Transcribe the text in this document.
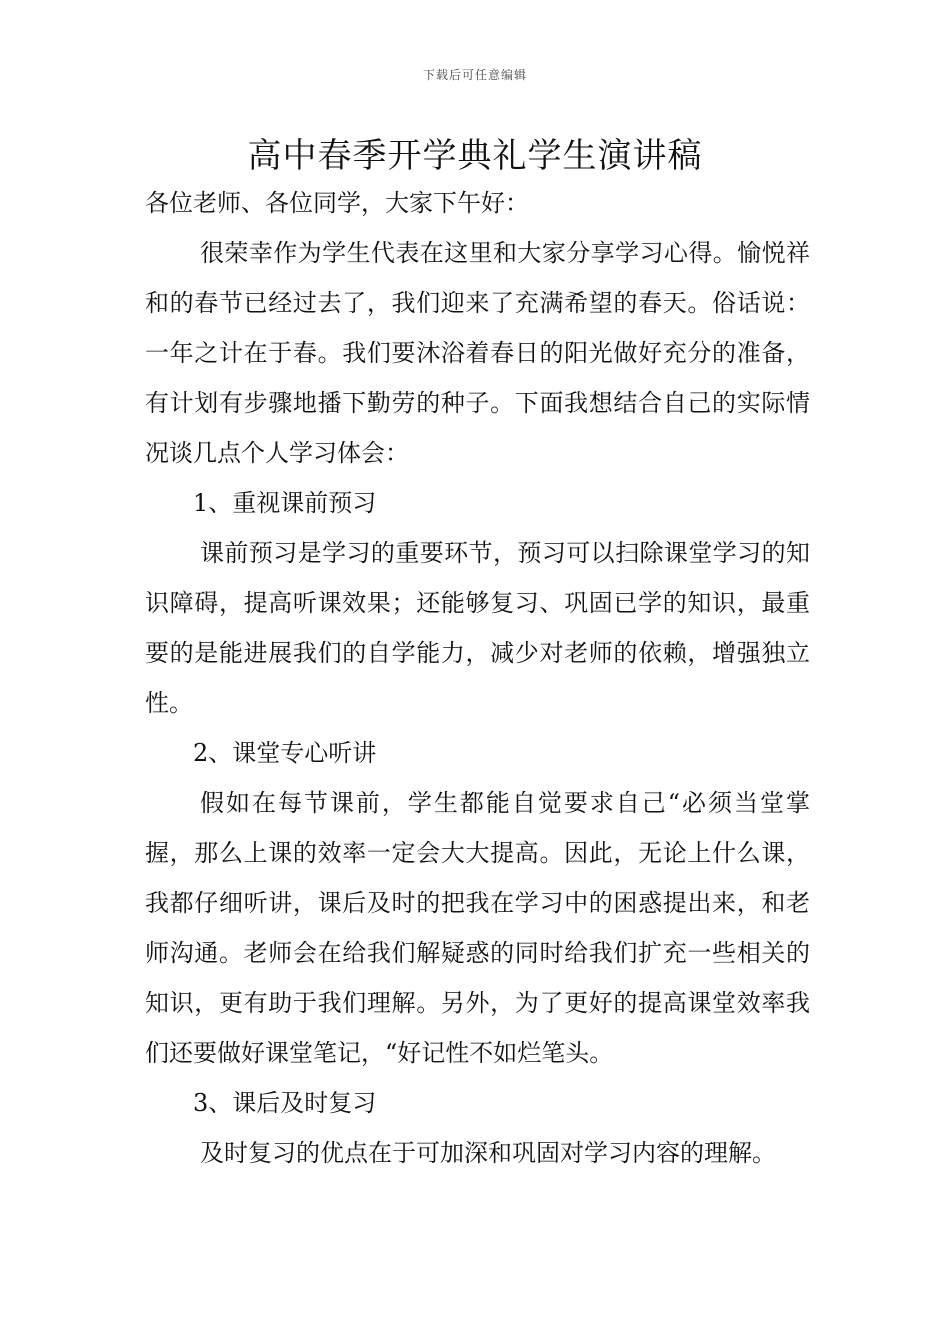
下载后可任意编辑
高中春季开学典礼学生演讲稿

各位老师、各位同学，大家下午好：

很荣幸作为学生代表在这里和大家分享学习心得。愉悦祥和的春节已经过去了，我们迎来了充满希望的春天。俗话说：一年之计在于春。我们要沐浴着春日的阳光做好充分的准备，有计划有步骤地播下勤劳的种子。下面我想结合自己的实际情况谈几点个人学习体会：

1、重视课前预习

课前预习是学习的重要环节，预习可以扫除课堂学习的知识障碍，提高听课效果；还能够复习、巩固已学的知识，最重要的是能进展我们的自学能力，减少对老师的依赖，增强独立性。

2、课堂专心听讲

假如在每节课前，学生都能自觉要求自己“必须当堂掌握，那么上课的效率一定会大大提高。因此，无论上什么课，我都仔细听讲，课后及时的把我在学习中的困惑提出来，和老师沟通。老师会在给我们解疑惑的同时给我们扩充一些相关的知识，更有助于我们理解。另外，为了更好的提高课堂效率我们还要做好课堂笔记，“好记性不如烂笔头。

3、课后及时复习

及时复习的优点在于可加深和巩固对学习内容的理解。
